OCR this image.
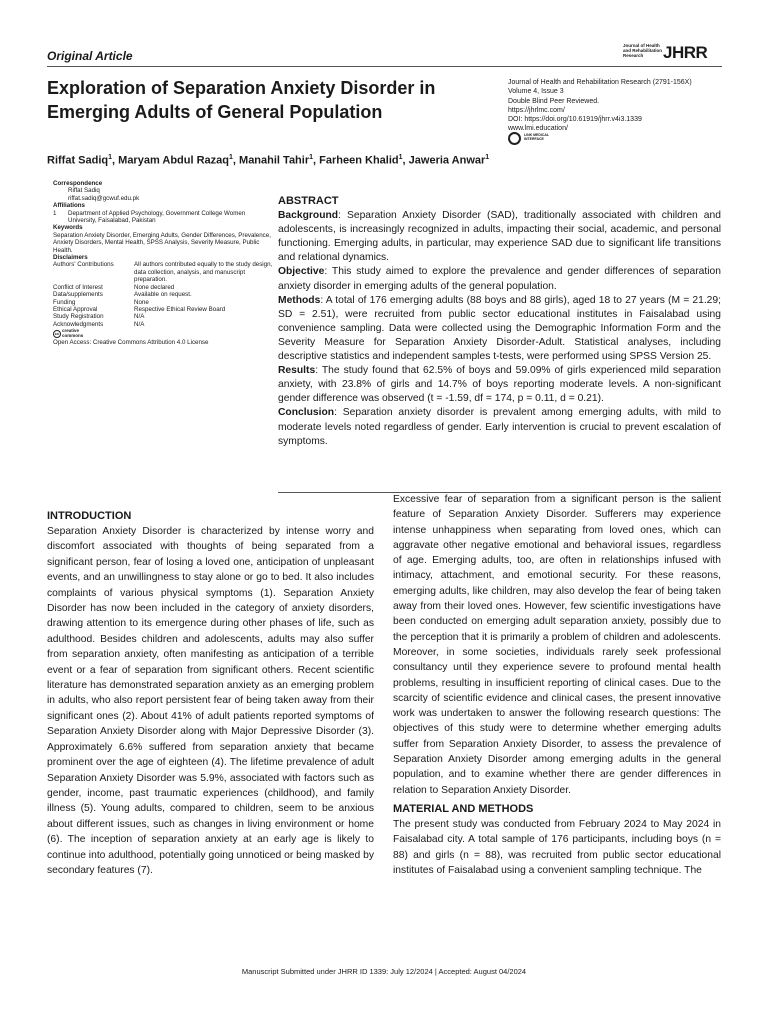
Original Article
Journal of Health and Rehabilitation Research	JHRR
Exploration of Separation Anxiety Disorder in Emerging Adults of General Population
Journal of Health and Rehabilitation Research (2791-156X)
Volume 4, Issue 3
Double Blind Peer Reviewed.
https://jhrlmc.com/
DOI: https://doi.org/10.61919/jhrr.v4i3.1339
www.lmi.education/
LINK MEDICAL INTERFACE
Riffat Sadiq$^1$, Maryam Abdul Razaq$^1$, Manahil Tahir$^1$, Farheen Khalid$^1$, Jaweria Anwar$^1$
Correspondence
Riffat Sadiq
riffat.sadiq@gcwuf.edu.pk
Affiliations
1	Department of Applied Psychology, Government College Women University, Faisalabad, Pakistan
Keywords
Separation Anxiety Disorder, Emerging Adults, Gender Differences, Prevalence, Anxiety Disorders, Mental Health, SPSS Analysis, Severity Measure, Public Health.
Disclaimers
Authors' Contributions	All authors contributed equally to the study design, data collection, analysis, and manuscript preparation.
Conflict of Interest	None declared
Data/supplements	Available on request.
Funding	None
Ethical Approval	Respective Ethical Review Board
Study Registration	N/A
Acknowledgments	N/A
cc
creative commons
Open Access: Creative Commons Attribution 4.0 License
ABSTRACT

Background: Separation Anxiety Disorder (SAD), traditionally associated with children and adolescents, is increasingly recognized in adults, impacting their social, academic, and personal functioning. Emerging adults, in particular, may experience SAD due to significant life transitions and relational dynamics.

Objective: This study aimed to explore the prevalence and gender differences of separation anxiety disorder in emerging adults of the general population.

Methods: A total of 176 emerging adults (88 boys and 88 girls), aged 18 to 27 years (M = 21.29; SD = 2.51), were recruited from public sector educational institutes in Faisalabad using convenience sampling. Data were collected using the Demographic Information Form and the Severity Measure for Separation Anxiety Disorder-Adult. Statistical analyses, including descriptive statistics and independent samples t-tests, were performed using SPSS Version 25.

Results: The study found that 62.5% of boys and 59.09% of girls experienced mild separation anxiety, with 23.8% of girls and 14.7% of boys reporting moderate levels. A non-significant gender difference was observed (t = -1.59, df = 174, p = 0.11, d = 0.21).

Conclusion: Separation anxiety disorder is prevalent among emerging adults, with mild to moderate levels noted regardless of gender. Early intervention is crucial to prevent escalation of symptoms.

INTRODUCTION

Separation Anxiety Disorder is characterized by intense worry and discomfort associated with thoughts of being separated from a significant person, fear of losing a loved one, anticipation of unpleasant events, and an unwillingness to stay alone or go to bed. It also includes complaints of various physical symptoms (1). Separation Anxiety Disorder has now been included in the category of anxiety disorders, drawing attention to its emergence during other phases of life, such as adulthood. Besides children and adolescents, adults may also suffer from separation anxiety, often manifesting as anticipation of a terrible event or a fear of separation from significant others. Recent scientific literature has demonstrated separation anxiety as an emerging problem in adults, who also report persistent fear of being taken away from their significant ones (2). About 41% of adult patients reported symptoms of Separation Anxiety Disorder along with Major Depressive Disorder (3). Approximately 6.6% suffered from separation anxiety that became prominent over the age of eighteen (4). The lifetime prevalence of adult Separation Anxiety Disorder was 5.9%, associated with factors such as gender, income, past traumatic experiences (childhood), and family illness (5). Young adults, compared to children, seem to be anxious about different issues, such as changes in living environment or home (6). The inception of separation anxiety at an early age is likely to continue into adulthood, potentially going unnoticed or being masked by secondary features (7).

Excessive fear of separation from a significant person is the salient feature of Separation Anxiety Disorder. Sufferers may experience intense unhappiness when separating from loved ones, which can aggravate other negative emotional and behavioral issues, regardless of age. Emerging adults, too, are often in relationships infused with intimacy, attachment, and emotional security. For these reasons, emerging adults, like children, may also develop the fear of being taken away from their loved ones. However, few scientific investigations have been conducted on emerging adult separation anxiety, possibly due to the perception that it is primarily a problem of children and adolescents. Moreover, in some societies, individuals rarely seek professional consultancy until they experience severe to profound mental health problems, resulting in insufficient reporting of clinical cases. Due to the scarcity of scientific evidence and clinical cases, the present innovative work was undertaken to answer the following research questions: The objectives of this study were to determine whether emerging adults suffer from Separation Anxiety Disorder, to assess the prevalence of Separation Anxiety Disorder among emerging adults in the general population, and to examine whether there are gender differences in relation to Separation Anxiety Disorder.

MATERIAL AND METHODS

The present study was conducted from February 2024 to May 2024 in Faisalabad city. A total sample of 176 participants, including boys (n = 88) and girls (n = 88), was recruited from public sector educational institutes of Faisalabad using a convenient sampling technique. The

Manuscript Submitted under JHRR ID 1339: July 12/2024 | Accepted: August 04/2024
